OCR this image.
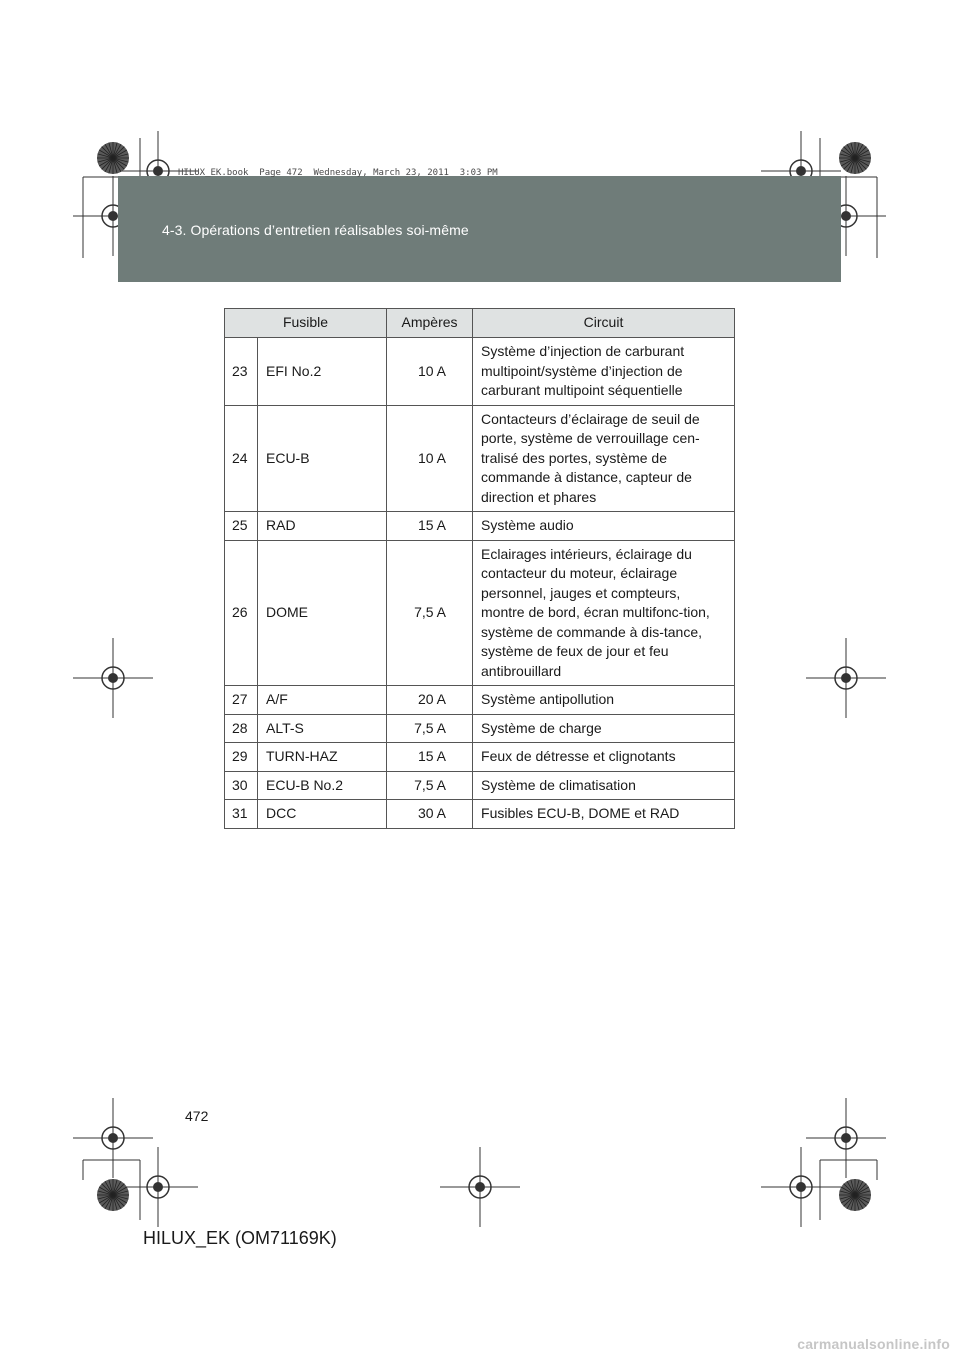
HILUX_EK.book  Page 472  Wednesday, March 23, 2011  3:03 PM
4-3. Opérations d’entretien réalisables soi-même
Fusible		Ampères	Circuit
23	EFI No.2	10 A	Système d’injection de carburant multipoint/système d’injection de carburant multipoint séquentielle
24	ECU-B	10 A	Contacteurs d’éclairage de seuil de porte, système de verrouillage cen-tralisé des portes, système de commande à distance, capteur de direction et phares
25	RAD	15 A	Système audio
26	DOME	7,5 A	Eclairages intérieurs, éclairage du contacteur du moteur, éclairage personnel, jauges et compteurs, montre de bord, écran multifonc-tion, système de commande à dis-tance, système de feux de jour et feu antibrouillard
27	A/F	20 A	Système antipollution
28	ALT-S	7,5 A	Système de charge
29	TURN-HAZ	15 A	Feux de détresse et clignotants
30	ECU-B No.2	7,5 A	Système de climatisation
31	DCC	30 A	Fusibles ECU-B, DOME et RAD
472
HILUX_EK (OM71169K)
carmanualsonline.info
